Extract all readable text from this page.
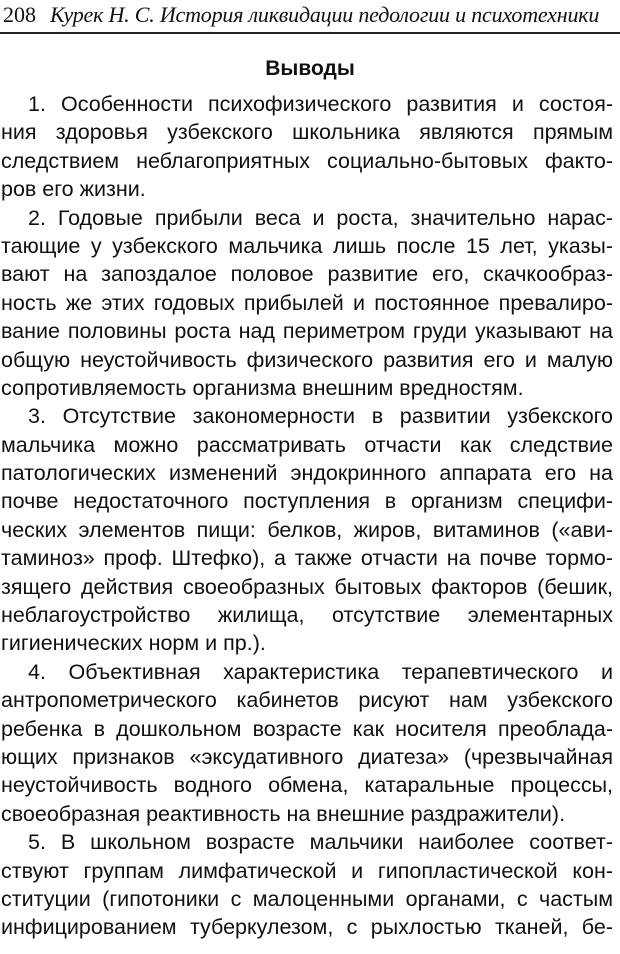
208 Курек Н. С. История ликвидации педологии и психотехники
Выводы
1. Особенности психофизического развития и состоя-
ния здоровья узбекского школьника являются прямым
следствием неблагоприятных социально-бытовых факто-
ров его жизни.
2. Годовые прибыли веса и роста, значительно нарас-
тающие у узбекского мальчика лишь после 15 лет, указы-
вают на запоздалое половое развитие его, скачкообраз-
ность же этих годовых прибылей и постоянное превалиро-
вание половины роста над периметром груди указывают на
общую неустойчивость физического развития его и малую
сопротивляемость организма внешним вредностям.
3. Отсутствие закономерности в развитии узбекского
мальчика можно рассматривать отчасти как следствие
патологических изменений эндокринного аппарата его на
почве недостаточного поступления в организм специфи-
ческих элементов пищи: белков, жиров, витаминов («ави-
таминоз» проф. Штефко), а также отчасти на почве тормо-
зящего действия своеобразных бытовых факторов (бешик,
неблагоустройство жилища, отсутствие элементарных
гигиенических норм и пр.).
4. Объективная характеристика терапевтического и
антропометрического кабинетов рисуют нам узбекского
ребенка в дошкольном возрасте как носителя преоблада-
ющих признаков «эксудативного диатеза» (чрезвычайная
неустойчивость водного обмена, катаральные процессы,
своеобразная реактивность на внешние раздражители).
5. В школьном возрасте мальчики наиболее соответ-
ствуют группам лимфатической и гипопластической кон-
ституции (гипотоники с малоценными органами, с частым
инфицированием туберкулезом, с рыхлостью тканей, бе-
